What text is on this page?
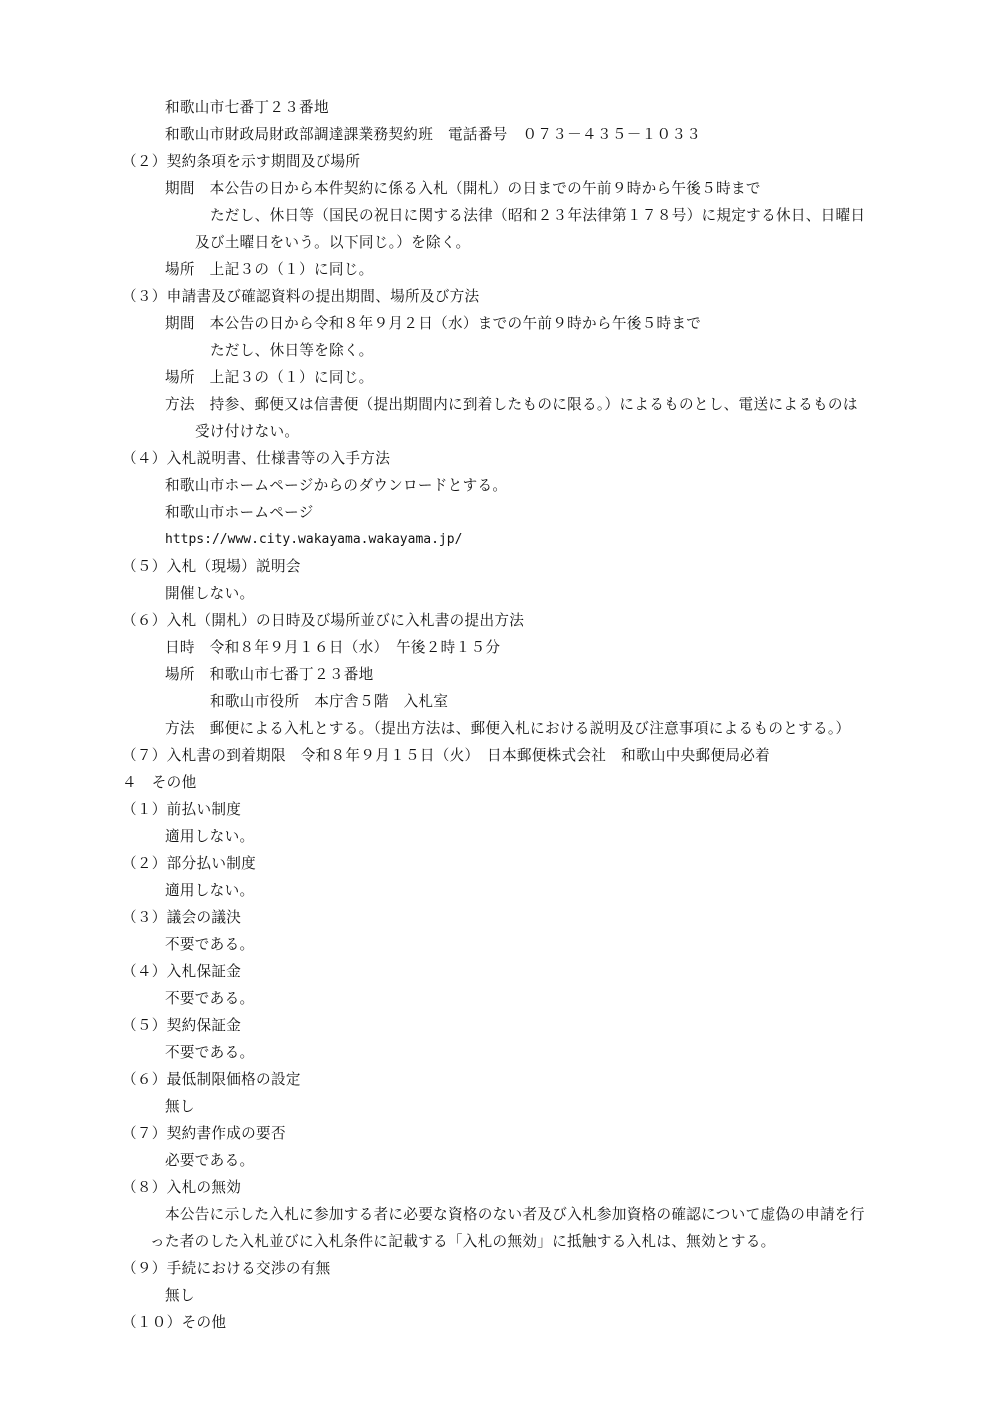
和歌山市七番丁２３番地
和歌山市財政局財政部調達課業務契約班　電話番号　０７３－４３５－１０３３
（２）契約条項を示す期間及び場所
期間　本公告の日から本件契約に係る入札（開札）の日までの午前９時から午後５時まで
ただし、休日等（国民の祝日に関する法律（昭和２３年法律第１７８号）に規定する休日、日曜日
及び土曜日をいう。以下同じ。）を除く。
場所　上記３の（１）に同じ。
（３）申請書及び確認資料の提出期間、場所及び方法
期間　本公告の日から令和８年９月２日（水）までの午前９時から午後５時まで
ただし、休日等を除く。
場所　上記３の（１）に同じ。
方法　持参、郵便又は信書便（提出期間内に到着したものに限る。）によるものとし、電送によるものは
受け付けない。
（４）入札説明書、仕様書等の入手方法
和歌山市ホームページからのダウンロードとする。
和歌山市ホームページ
https://www.city.wakayama.wakayama.jp/
（５）入札（現場）説明会
開催しない。
（６）入札（開札）の日時及び場所並びに入札書の提出方法
日時　令和８年９月１６日（水）　午後２時１５分
場所　和歌山市七番丁２３番地
和歌山市役所　本庁舎５階　入札室
方法　郵便による入札とする。（提出方法は、郵便入札における説明及び注意事項によるものとする。）
（７）入札書の到着期限　令和８年９月１５日（火）　日本郵便株式会社　和歌山中央郵便局必着
４　その他
（１）前払い制度
適用しない。
（２）部分払い制度
適用しない。
（３）議会の議決
不要である。
（４）入札保証金
不要である。
（５）契約保証金
不要である。
（６）最低制限価格の設定
無し
（７）契約書作成の要否
必要である。
（８）入札の無効
本公告に示した入札に参加する者に必要な資格のない者及び入札参加資格の確認について虚偽の申請を行
った者のした入札並びに入札条件に記載する「入札の無効」に抵触する入札は、無効とする。
（９）手続における交渉の有無
無し
（１０）その他
